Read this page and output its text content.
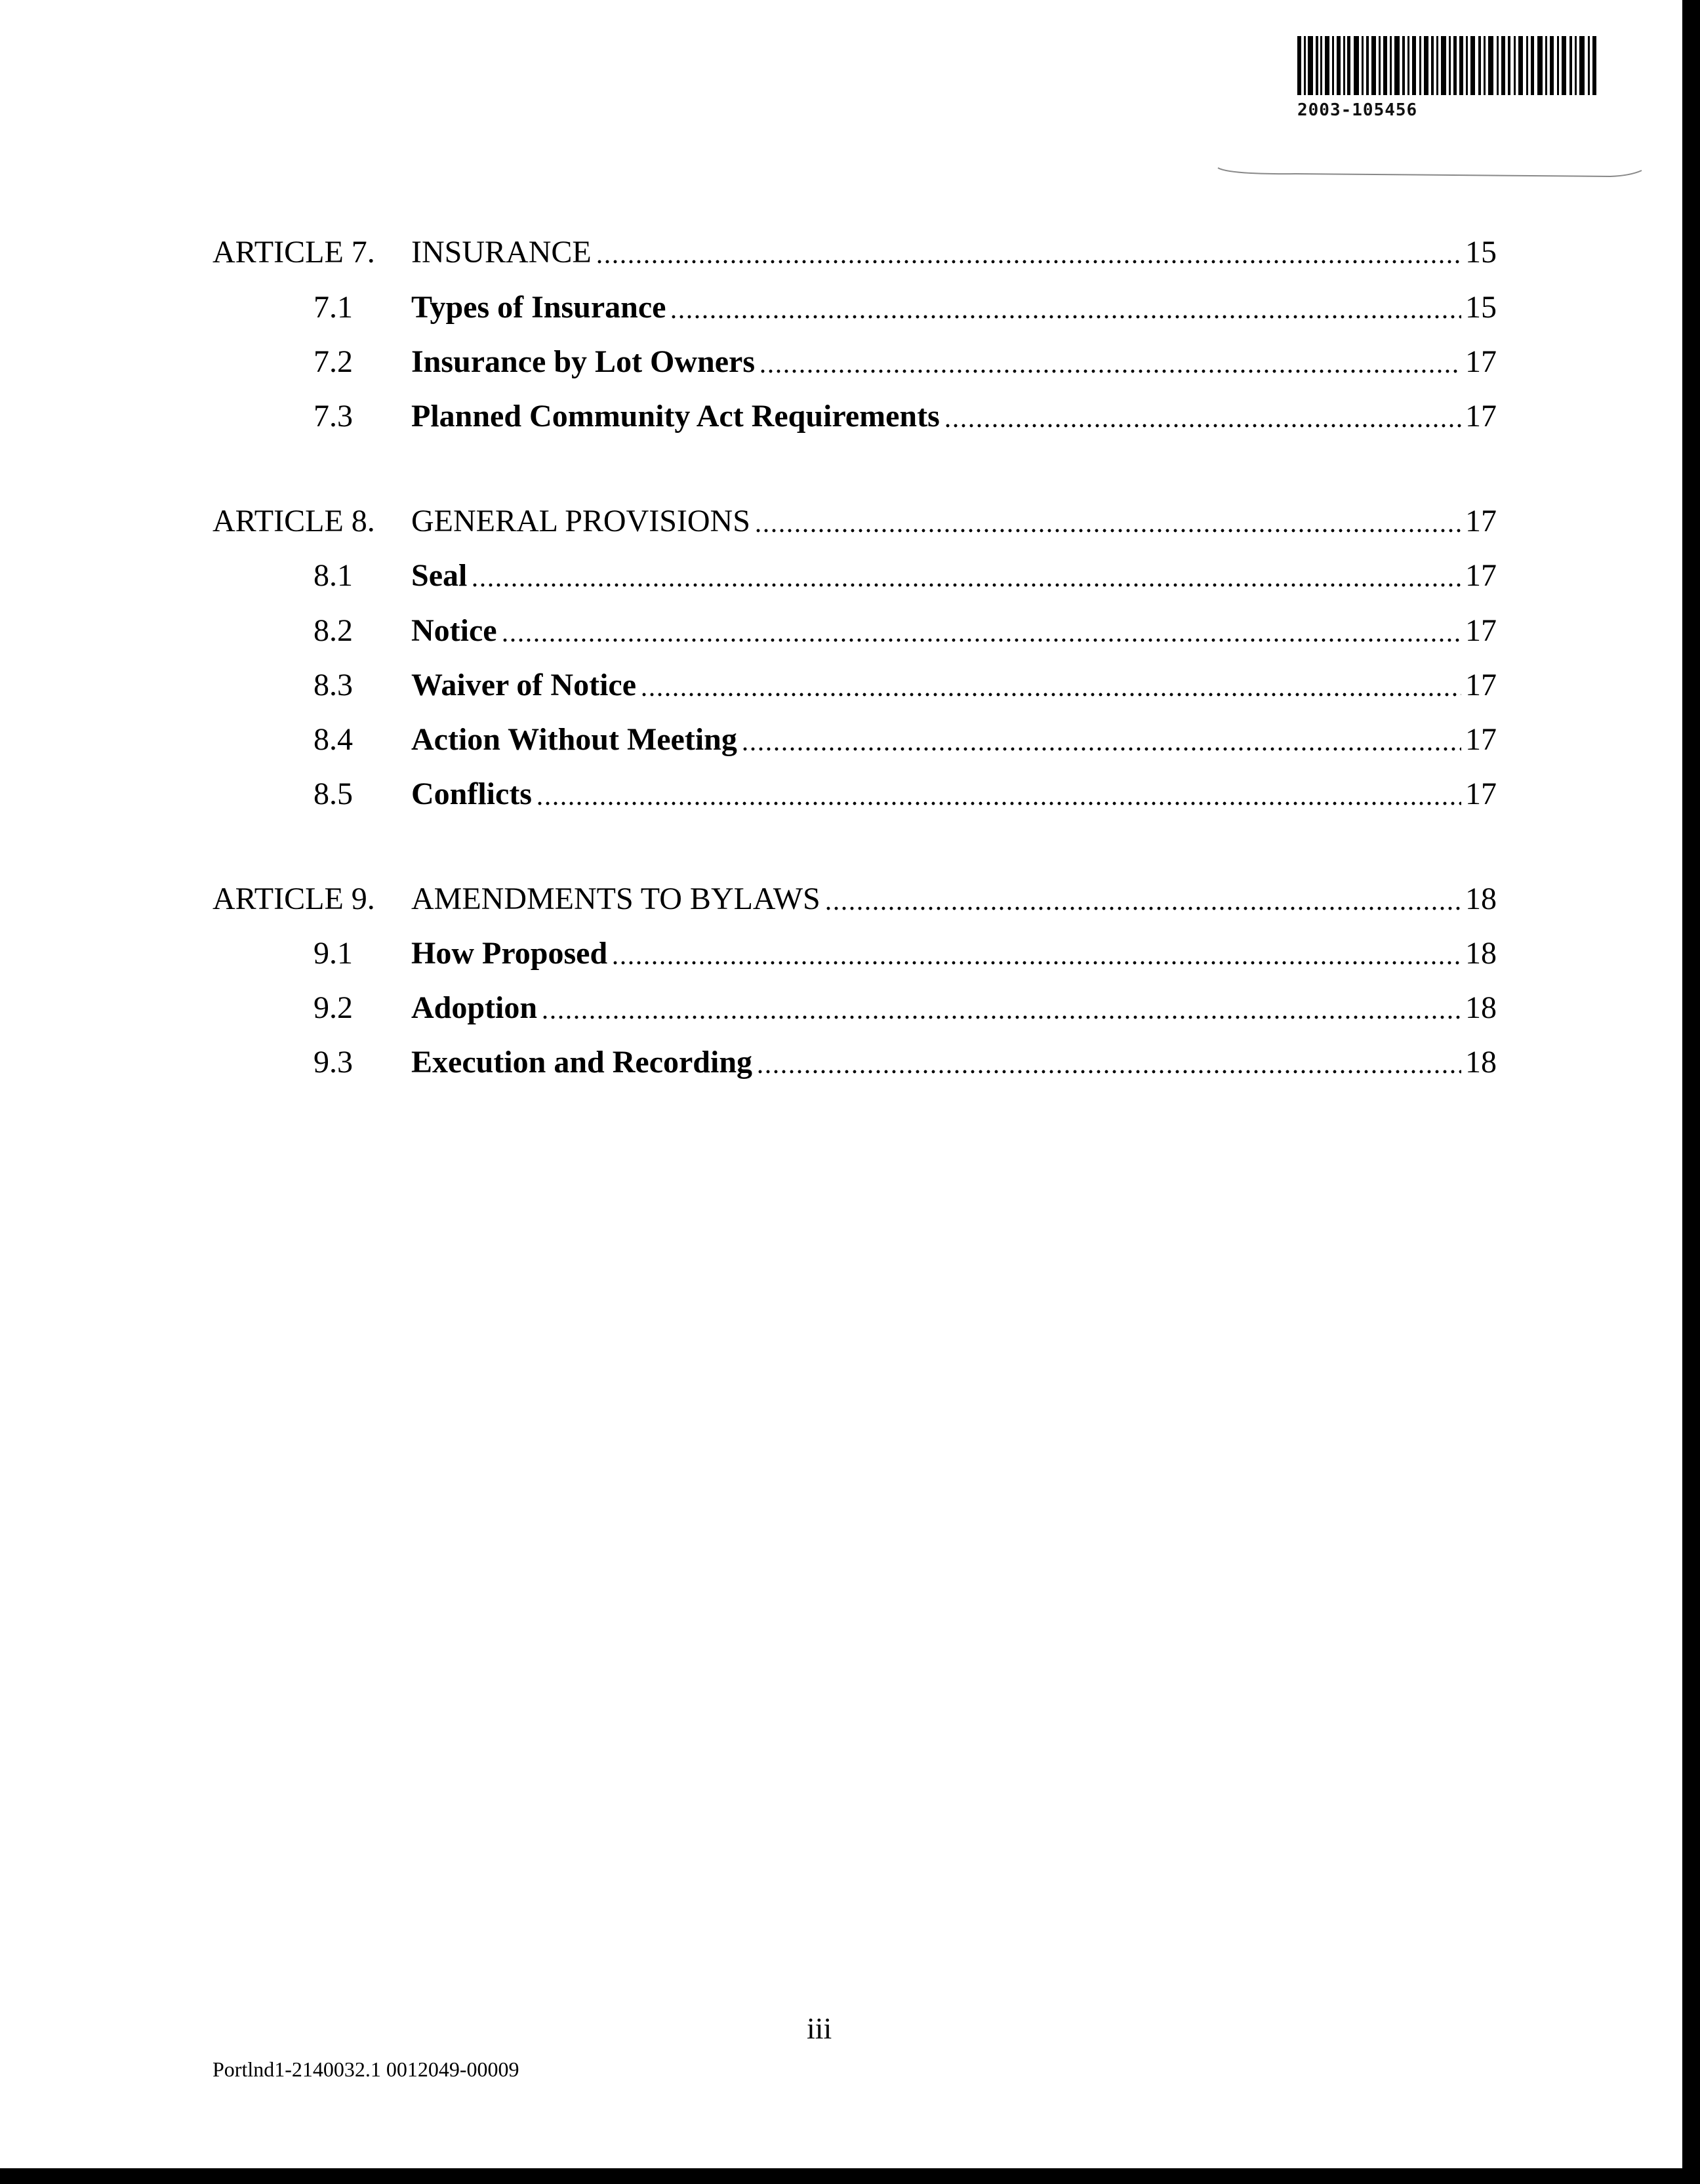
2003-105456
ARTICLE 7. INSURANCE	15
7.1 Types of Insurance	15
7.2 Insurance by Lot Owners	17
7.3 Planned Community Act Requirements	17
ARTICLE 8. GENERAL PROVISIONS	17
8.1 Seal	17
8.2 Notice	17
8.3 Waiver of Notice	17
8.4 Action Without Meeting	17
8.5 Conflicts	17
ARTICLE 9. AMENDMENTS TO BYLAWS	18
9.1 How Proposed	18
9.2 Adoption	18
9.3 Execution and Recording	18
iii
Portlnd1-2140032.1 0012049-00009
